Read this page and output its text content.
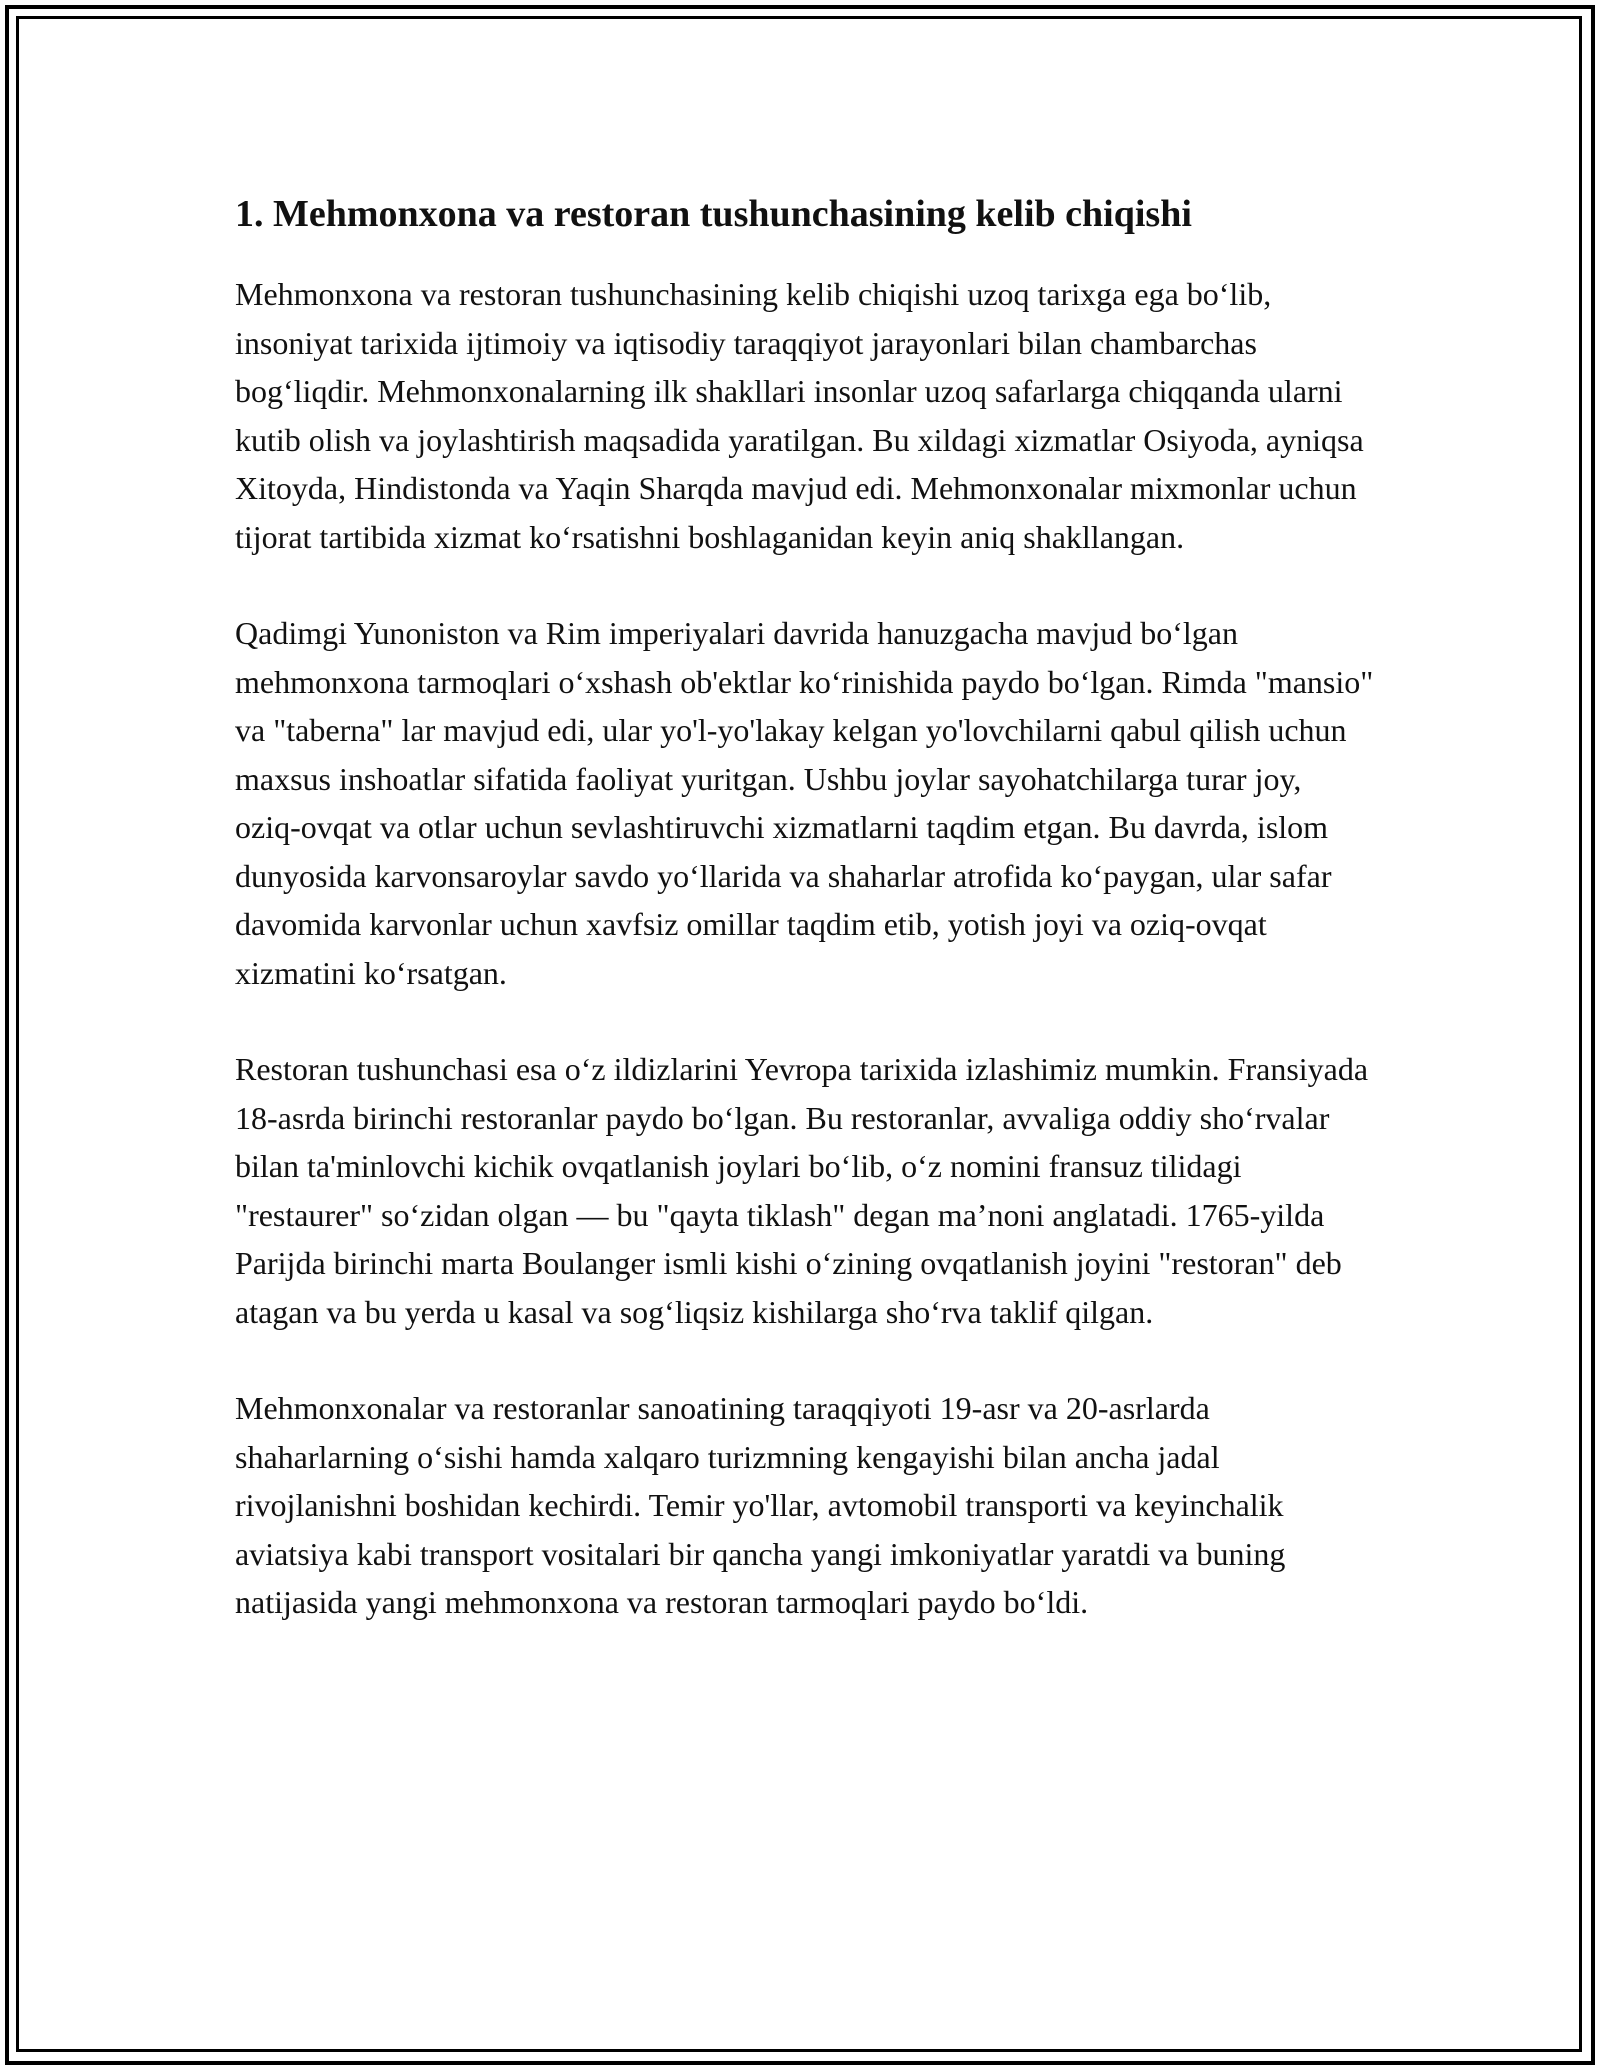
1. Mehmonxona va restoran tushunchasining kelib chiqishi

Mehmonxona va restoran tushunchasining kelib chiqishi uzoq tarixga ega bo‘lib, insoniyat tarixida ijtimoiy va iqtisodiy taraqqiyot jarayonlari bilan chambarchas bog‘liqdir. Mehmonxonalarning ilk shakllari insonlar uzoq safarlarga chiqqanda ularni kutib olish va joylashtirish maqsadida yaratilgan. Bu xildagi xizmatlar Osiyoda, ayniqsa Xitoyda, Hindistonda va Yaqin Sharqda mavjud edi. Mehmonxonalar mixmonlar uchun tijorat tartibida xizmat ko‘rsatishni boshlaganidan keyin aniq shakllangan.

Qadimgi Yunoniston va Rim imperiyalari davrida hanuzgacha mavjud bo‘lgan mehmonxona tarmoqlari o‘xshash ob'ektlar ko‘rinishida paydo bo‘lgan. Rimda "mansio" va "taberna" lar mavjud edi, ular yo'l-yo'lakay kelgan yo'lovchilarni qabul qilish uchun maxsus inshoatlar sifatida faoliyat yuritgan. Ushbu joylar sayohatchilarga turar joy, oziq-ovqat va otlar uchun sevlashtiruvchi xizmatlarni taqdim etgan. Bu davrda, islom dunyosida karvonsaroylar savdo yo‘llarida va shaharlar atrofida ko‘paygan, ular safar davomida karvonlar uchun xavfsiz omillar taqdim etib, yotish joyi va oziq-ovqat xizmatini ko‘rsatgan.

Restoran tushunchasi esa o‘z ildizlarini Yevropa tarixida izlashimiz mumkin. Fransiyada 18-asrda birinchi restoranlar paydo bo‘lgan. Bu restoranlar, avvaliga oddiy sho‘rvalar bilan ta'minlovchi kichik ovqatlanish joylari bo‘lib, o‘z nomini fransuz tilidagi "restaurer" so‘zidan olgan — bu "qayta tiklash" degan ma’noni anglatadi. 1765-yilda Parijda birinchi marta Boulanger ismli kishi o‘zining ovqatlanish joyini "restoran" deb atagan va bu yerda u kasal va sog‘liqsiz kishilarga sho‘rva taklif qilgan.

Mehmonxonalar va restoranlar sanoatining taraqqiyoti 19-asr va 20-asrlarda shaharlarning o‘sishi hamda xalqaro turizmning kengayishi bilan ancha jadal rivojlanishni boshidan kechirdi. Temir yo'llar, avtomobil transporti va keyinchalik aviatsiya kabi transport vositalari bir qancha yangi imkoniyatlar yaratdi va buning natijasida yangi mehmonxona va restoran tarmoqlari paydo bo‘ldi.
